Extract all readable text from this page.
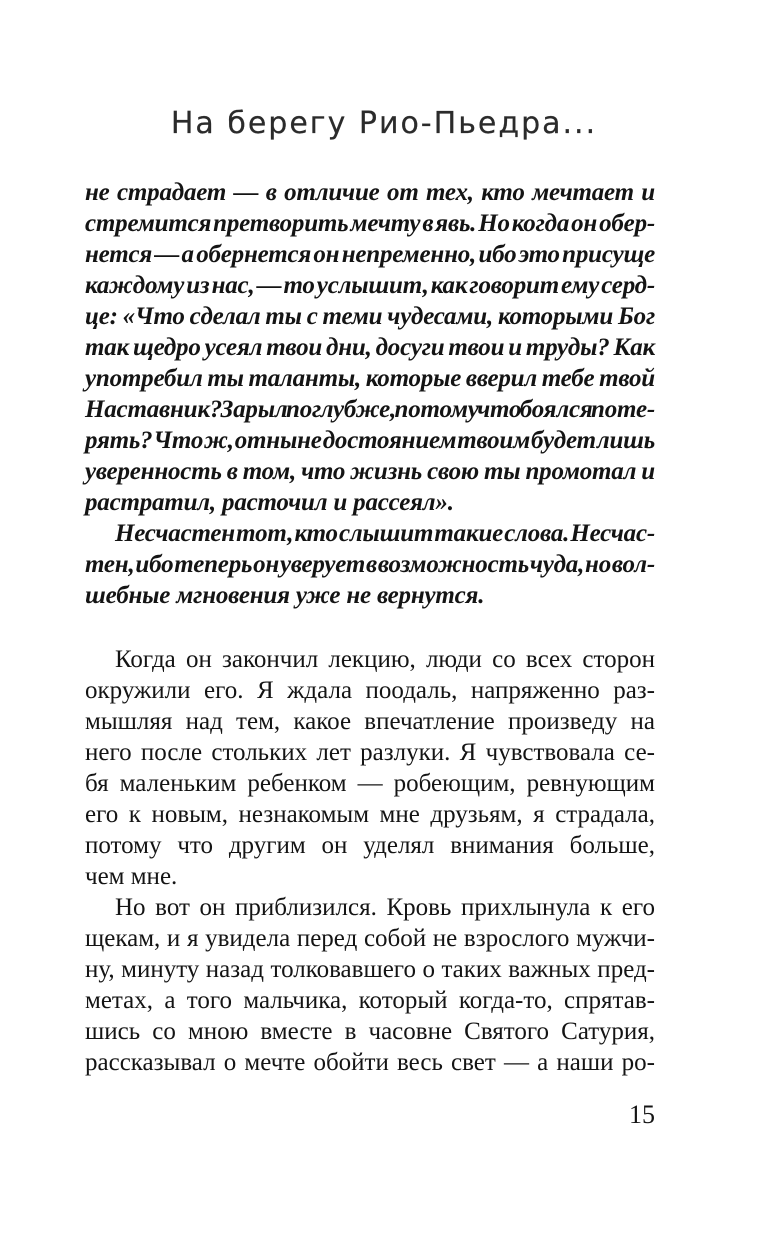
На берегу Рио-Пьедра...
не страдает — в отличие от тех, кто мечтает и
стремится претворить мечту в явь. Но когда он обер-
нется — а обернется он непременно, ибо это присуще
каждому из нас, — то услышит, как говорит ему серд-
це: «Что сделал ты с теми чудесами, которыми Бог
так щедро усеял твои дни, досуги твои и труды? Как
употребил ты таланты, которые вверил тебе твой
Наставник? Зарыл поглубже, потому что боялся поте-
рять? Что ж, отныне достоянием твоим будет лишь
уверенность в том, что жизнь свою ты промотал и
растратил, расточил и рассеял».
Несчастен тот, кто слышит такие слова. Несчас-
тен, ибо теперь он уверует в возможность чуда, но вол-
шебные мгновения уже не вернутся.
Когда он закончил лекцию, люди со всех сторон
окружили его. Я ждала поодаль, напряженно раз-
мышляя над тем, какое впечатление произведу на
него после стольких лет разлуки. Я чувствовала се-
бя маленьким ребенком — робеющим, ревнующим
его к новым, незнакомым мне друзьям, я страдала,
потому что другим он уделял внимания больше,
чем мне.
Но вот он приблизился. Кровь прихлынула к его
щекам, и я увидела перед собой не взрослого мужчи-
ну, минуту назад толковавшего о таких важных пред-
метах, а того мальчика, который когда-то, спрятав-
шись со мною вместе в часовне Святого Сатурия,
рассказывал о мечте обойти весь свет — а наши ро-
15
